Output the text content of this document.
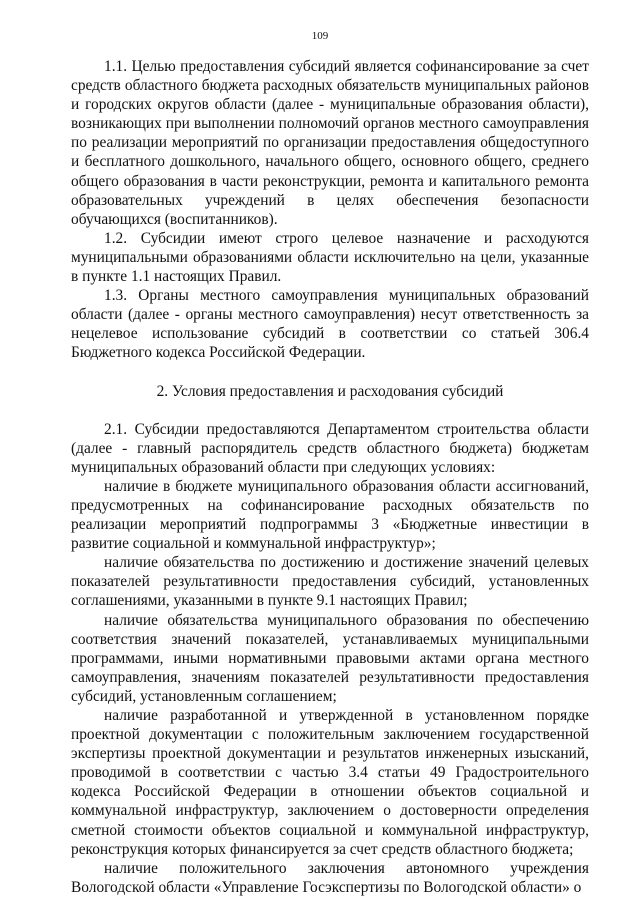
109

1.1. Целью предоставления субсидий является софинансирование за счет средств областного бюджета расходных обязательств муниципальных районов и городских округов области (далее - муниципальные образования области), возникающих при выполнении полномочий органов местного самоуправления по реализации мероприятий по организации предоставления общедоступного и бесплатного дошкольного, начального общего, основного общего, среднего общего образования в части реконструкции, ремонта и капитального ремонта образовательных учреждений в целях обеспечения безопасности обучающихся (воспитанников).

1.2. Субсидии имеют строго целевое назначение и расходуются муниципальными образованиями области исключительно на цели, указанные в пункте 1.1 настоящих Правил.

1.3. Органы местного самоуправления муниципальных образований области (далее - органы местного самоуправления) несут ответственность за нецелевое использование субсидий в соответствии со статьей 306.4 Бюджетного кодекса Российской Федерации.

2. Условия предоставления и расходования субсидий

2.1. Субсидии предоставляются Департаментом строительства области (далее - главный распорядитель средств областного бюджета) бюджетам муниципальных образований области при следующих условиях:

наличие в бюджете муниципального образования области ассигнований, предусмотренных на софинансирование расходных обязательств по реализации мероприятий подпрограммы 3 «Бюджетные инвестиции в развитие социальной и коммунальной инфраструктур»;

наличие обязательства по достижению и достижение значений целевых показателей результативности предоставления субсидий, установленных соглашениями, указанными в пункте 9.1 настоящих Правил;

наличие обязательства муниципального образования по обеспечению соответствия значений показателей, устанавливаемых муниципальными программами, иными нормативными правовыми актами органа местного самоуправления, значениям показателей результативности предоставления субсидий, установленным соглашением;

наличие разработанной и утвержденной в установленном порядке проектной документации с положительным заключением государственной экспертизы проектной документации и результатов инженерных изысканий, проводимой в соответствии с частью 3.4 статьи 49 Градостроительного кодекса Российской Федерации в отношении объектов социальной и коммунальной инфраструктур, заключением о достоверности определения сметной стоимости объектов социальной и коммунальной инфраструктур, реконструкция которых финансируется за счет средств областного бюджета;

наличие положительного заключения автономного учреждения Вологодской области «Управление Госэкспертизы по Вологодской области» о
